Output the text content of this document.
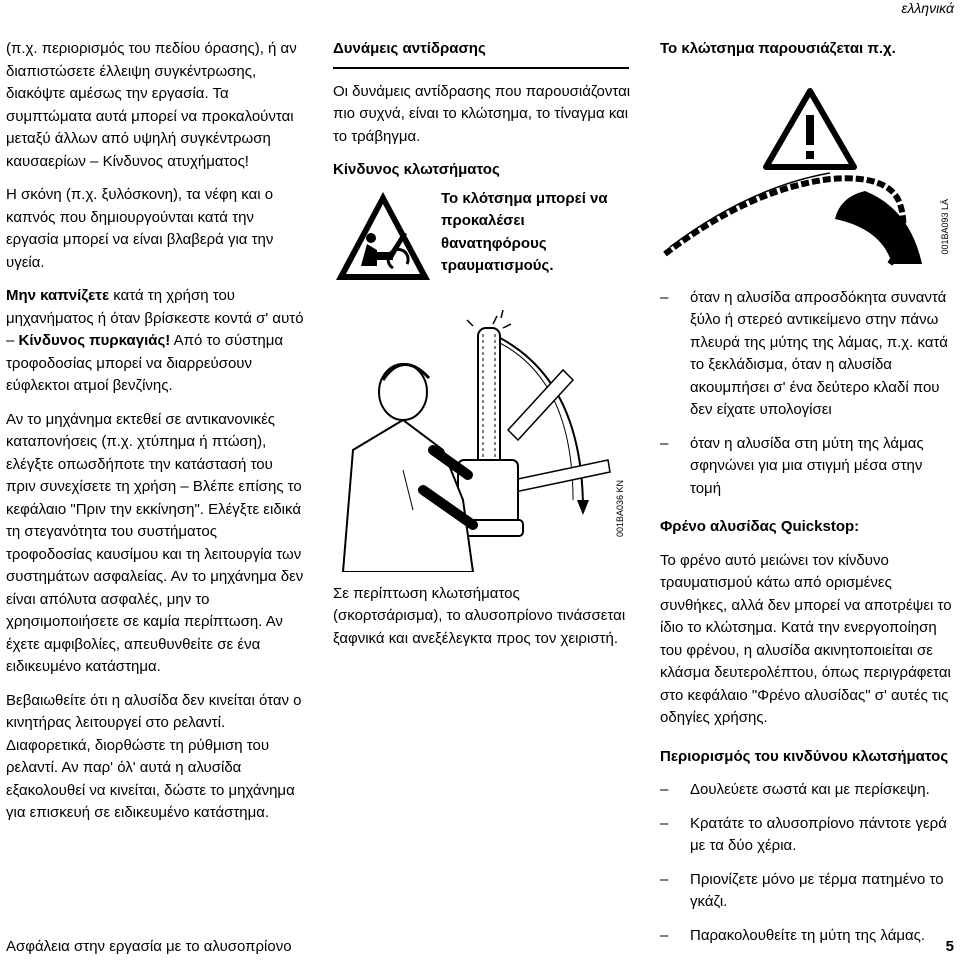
ελληνικά

(π.χ. περιορισμός του πεδίου όρασης), ή αν διαπιστώσετε έλλειψη συγκέντρωσης, διακόψτε αμέσως την εργασία. Τα συμπτώματα αυτά μπορεί να προκαλούνται μεταξύ άλλων από υψηλή συγκέντρωση καυσαερίων – Κίνδυνος ατυχήματος!

Η σκόνη (π.χ. ξυλόσκονη), τα νέφη και ο καπνός που δημιουργούνται κατά την εργασία μπορεί να είναι βλαβερά για την υγεία.

Μην καπνίζετε κατά τη χρήση του μηχανήματος ή όταν βρίσκεστε κοντά σ' αυτό – Κίνδυνος πυρκαγιάς! Από το σύστημα τροφοδοσίας μπορεί να διαρρεύσουν εύφλεκτοι ατμοί βενζίνης.

Αν το μηχάνημα εκτεθεί σε αντικανονικές καταπονήσεις (π.χ. χτύπημα ή πτώση), ελέγξτε οπωσδήποτε την κατάστασή του πριν συνεχίσετε τη χρήση – Βλέπε επίσης το κεφάλαιο "Πριν την εκκίνηση". Ελέγξτε ειδικά τη στεγανότητα του συστήματος τροφοδοσίας καυσίμου και τη λειτουργία των συστημάτων ασφαλείας. Αν το μηχάνημα δεν είναι απόλυτα ασφαλές, μην το χρησιμοποιήσετε σε καμία περίπτωση. Αν έχετε αμφιβολίες, απευθυνθείτε σε ένα ειδικευμένο κατάστημα.

Βεβαιωθείτε ότι η αλυσίδα δεν κινείται όταν ο κινητήρας λειτουργεί στο ρελαντί. Διαφορετικά, διορθώστε τη ρύθμιση του ρελαντί. Αν παρ' όλ' αυτά η αλυσίδα εξακολουθεί να κινείται, δώστε το μηχάνημα για επισκευή σε ειδικευμένο κατάστημα.

Δυνάμεις αντίδρασης

Οι δυνάμεις αντίδρασης που παρουσιάζονται πιο συχνά, είναι το κλώτσημα, το τίναγμα και το τράβηγμα.

Κίνδυνος κλωτσήματος
Το κλότσημα μπορεί να προκαλέσει θανατηφόρους τραυματισμούς.
001BA036 KN

Σε περίπτωση κλωτσήματος (σκορτσάρισμα), το αλυσοπρίονο τινάσσεται ξαφνικά και ανεξέλεγκτα προς τον χειριστή.

Το κλώτσημα παρουσιάζεται π.χ.
001BA093 LÄ

– όταν η αλυσίδα απροσδόκητα συναντά ξύλο ή στερεό αντικείμενο στην πάνω πλευρά της μύτης της λάμας, π.χ. κατά το ξεκλάδισμα, όταν η αλυσίδα ακουμπήσει σ' ένα δεύτερο κλαδί που δεν είχατε υπολογίσει

– όταν η αλυσίδα στη μύτη της λάμας σφηνώνει για μια στιγμή μέσα στην τομή

Φρένο αλυσίδας Quickstop:

Το φρένο αυτό μειώνει τον κίνδυνο τραυματισμού κάτω από ορισμένες συνθήκες, αλλά δεν μπορεί να αποτρέψει το ίδιο το κλώτσημα. Κατά την ενεργοποίηση του φρένου, η αλυσίδα ακινητοποιείται σε κλάσμα δευτερολέπτου, όπως περιγράφεται στο κεφάλαιο "Φρένο αλυσίδας" σ' αυτές τις οδηγίες χρήσης.

Περιορισμός του κινδύνου κλωτσήματος

– Δουλεύετε σωστά και με περίσκεψη.

– Κρατάτε το αλυσοπρίονο πάντοτε γερά με τα δύο χέρια.

– Πριονίζετε μόνο με τέρμα πατημένο το γκάζι.

– Παρακολουθείτε τη μύτη της λάμας.

Ασφάλεια στην εργασία με το αλυσοπρίονο	5
